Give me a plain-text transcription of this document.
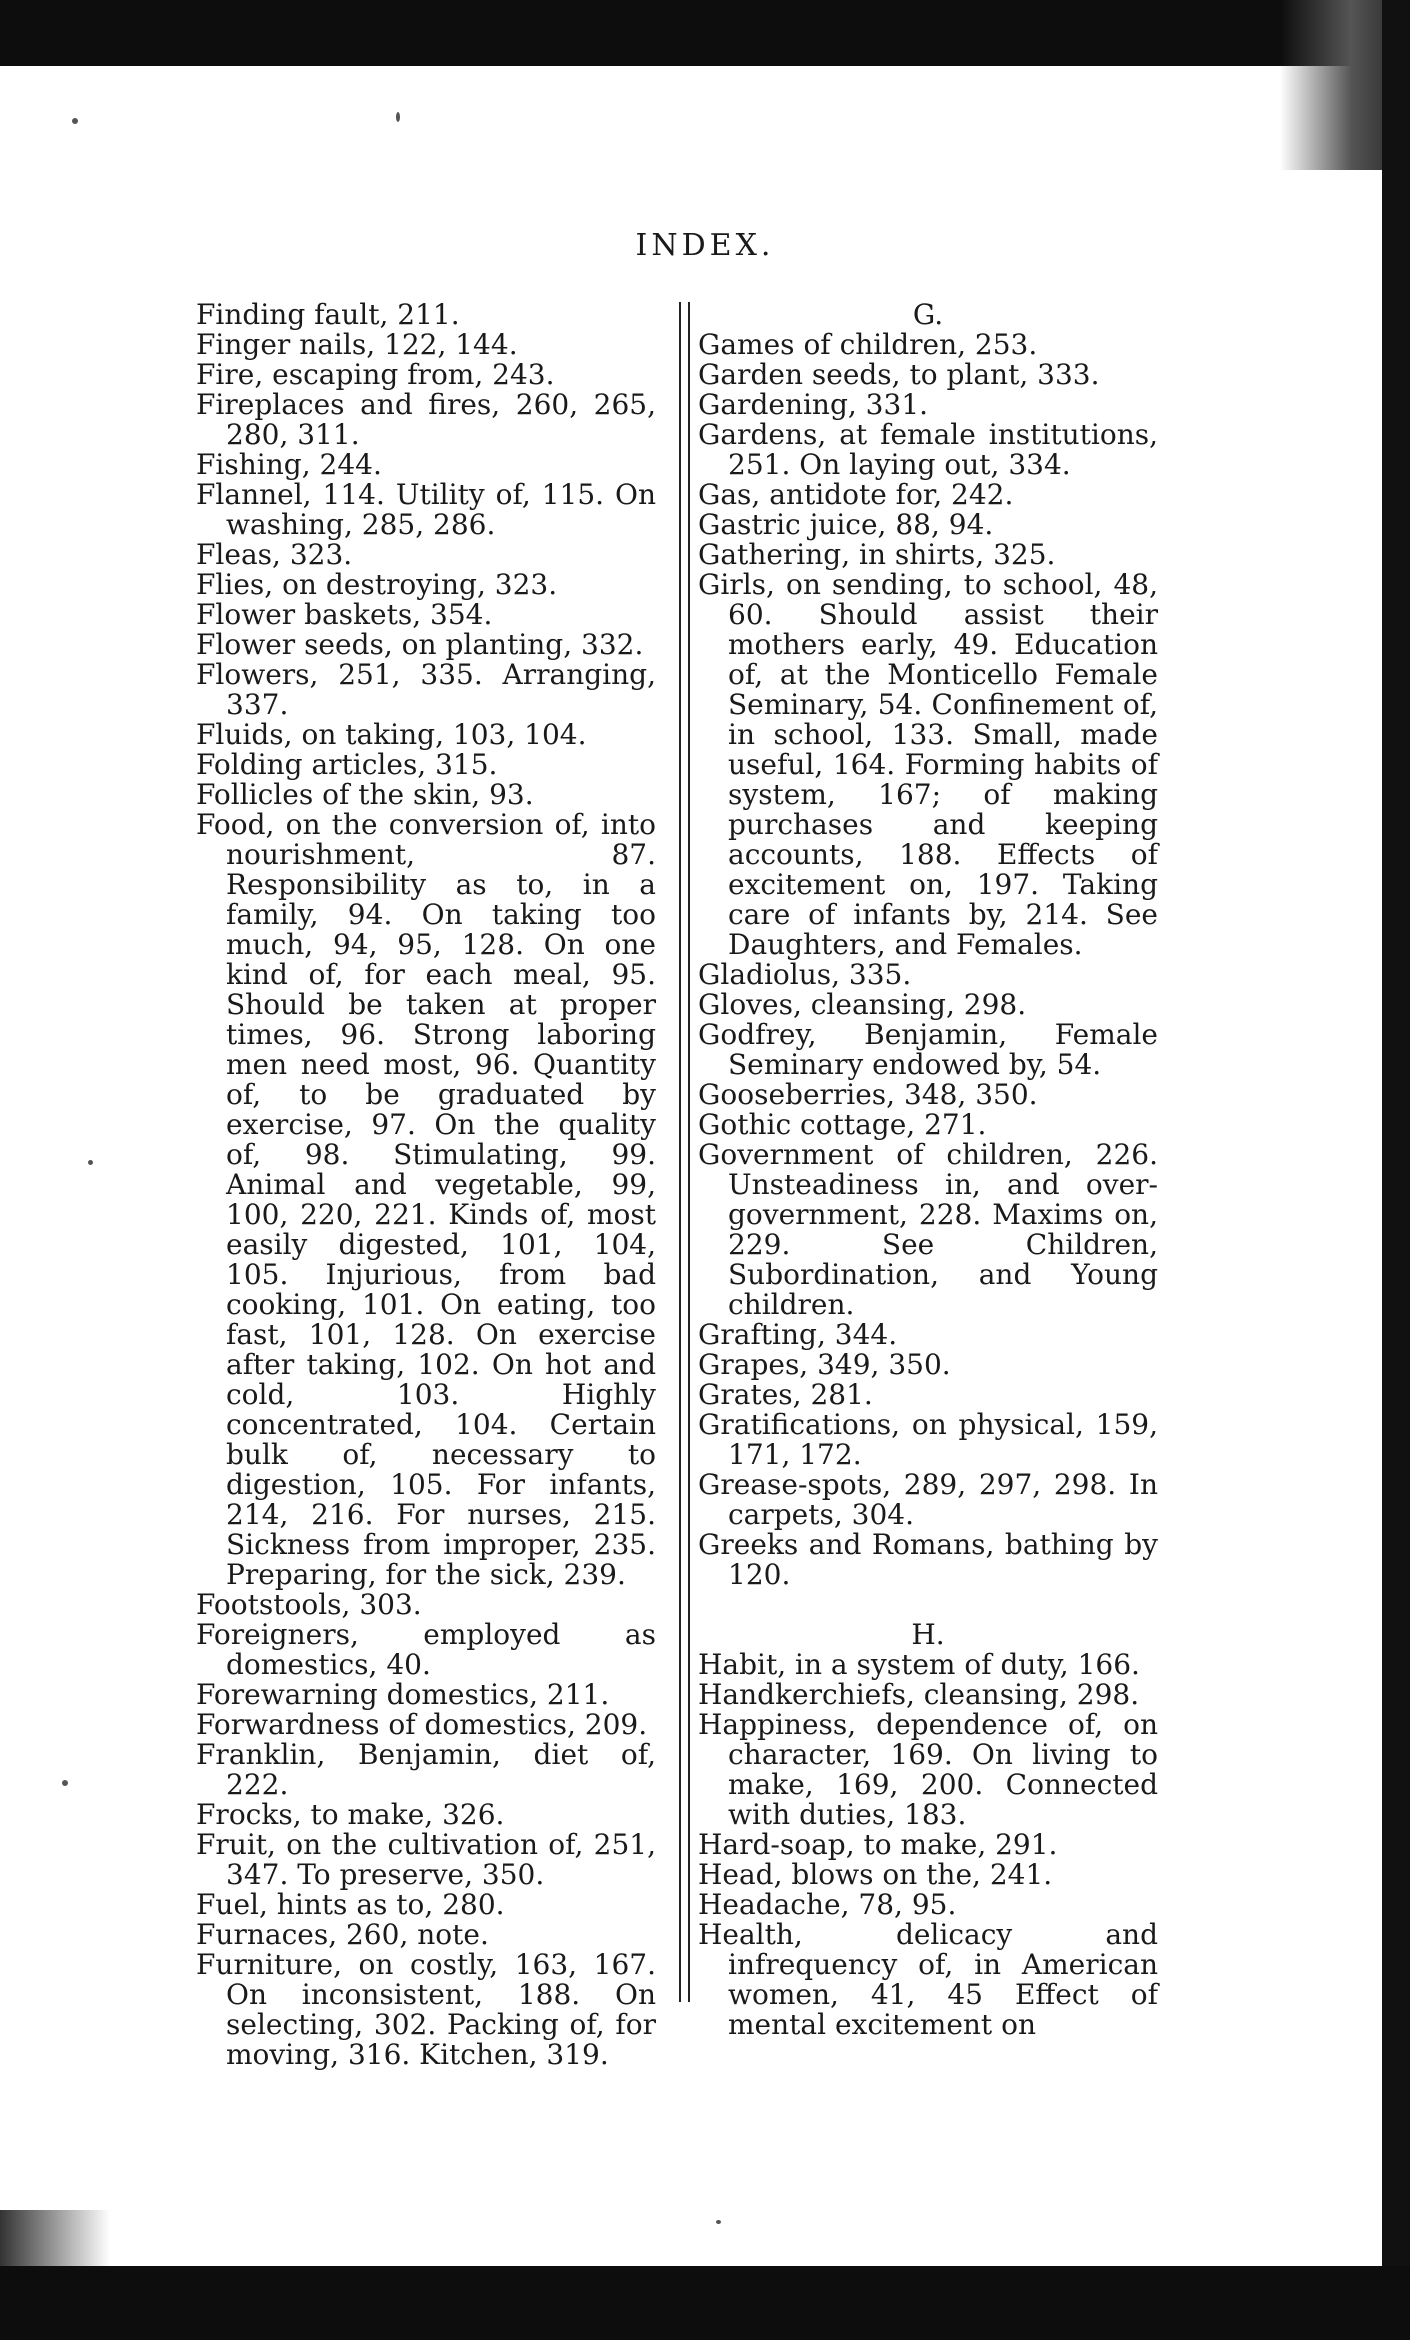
INDEX.

Finding fault, 211.

Finger nails, 122, 144.

Fire, escaping from, 243.

Fireplaces and fires, 260, 265, 280, 311.

Fishing, 244.

Flannel, 114. Utility of, 115. On washing, 285, 286.

Fleas, 323.

Flies, on destroying, 323.

Flower baskets, 354.

Flower seeds, on planting, 332.

Flowers, 251, 335. Arranging, 337.

Fluids, on taking, 103, 104.

Folding articles, 315.

Follicles of the skin, 93.

Food, on the conversion of, into nourishment, 87. Responsibility as to, in a family, 94. On taking too much, 94, 95, 128. On one kind of, for each meal, 95. Should be taken at proper times, 96. Strong laboring men need most, 96. Quantity of, to be graduated by exercise, 97. On the quality of, 98. Stimulating, 99. Animal and vegetable, 99, 100, 220, 221. Kinds of, most easily digested, 101, 104, 105. Injurious, from bad cooking, 101. On eating, too fast, 101, 128. On exercise after taking, 102. On hot and cold, 103. Highly concentrated, 104. Certain bulk of, necessary to digestion, 105. For infants, 214, 216. For nurses, 215. Sickness from improper, 235. Preparing, for the sick, 239.

Footstools, 303.

Foreigners, employed as domestics, 40.

Forewarning domestics, 211.

Forwardness of domestics, 209.

Franklin, Benjamin, diet of, 222.

Frocks, to make, 326.

Fruit, on the cultivation of, 251, 347. To preserve, 350.

Fuel, hints as to, 280.

Furnaces, 260, note.

Furniture, on costly, 163, 167. On inconsistent, 188. On selecting, 302. Packing of, for moving, 316. Kitchen, 319.

G.

Games of children, 253.

Garden seeds, to plant, 333.

Gardening, 331.

Gardens, at female institutions, 251. On laying out, 334.

Gas, antidote for, 242.

Gastric juice, 88, 94.

Gathering, in shirts, 325.

Girls, on sending, to school, 48, 60. Should assist their mothers early, 49. Education of, at the Monticello Female Seminary, 54. Confinement of, in school, 133. Small, made useful, 164. Forming habits of system, 167; of making purchases and keeping accounts, 188. Effects of excitement on, 197. Taking care of infants by, 214. See Daughters, and Females.

Gladiolus, 335.

Gloves, cleansing, 298.

Godfrey, Benjamin, Female Seminary endowed by, 54.

Gooseberries, 348, 350.

Gothic cottage, 271.

Government of children, 226. Unsteadiness in, and over-government, 228. Maxims on, 229. See Children, Subordination, and Young children.

Grafting, 344.

Grapes, 349, 350.

Grates, 281.

Gratifications, on physical, 159, 171, 172.

Grease-spots, 289, 297, 298. In carpets, 304.

Greeks and Romans, bathing by 120.

H.

Habit, in a system of duty, 166.

Handkerchiefs, cleansing, 298.

Happiness, dependence of, on character, 169. On living to make, 169, 200. Connected with duties, 183.

Hard-soap, to make, 291.

Head, blows on the, 241.

Headache, 78, 95.

Health, delicacy and infrequency of, in American women, 41, 45 Effect of mental excitement on
